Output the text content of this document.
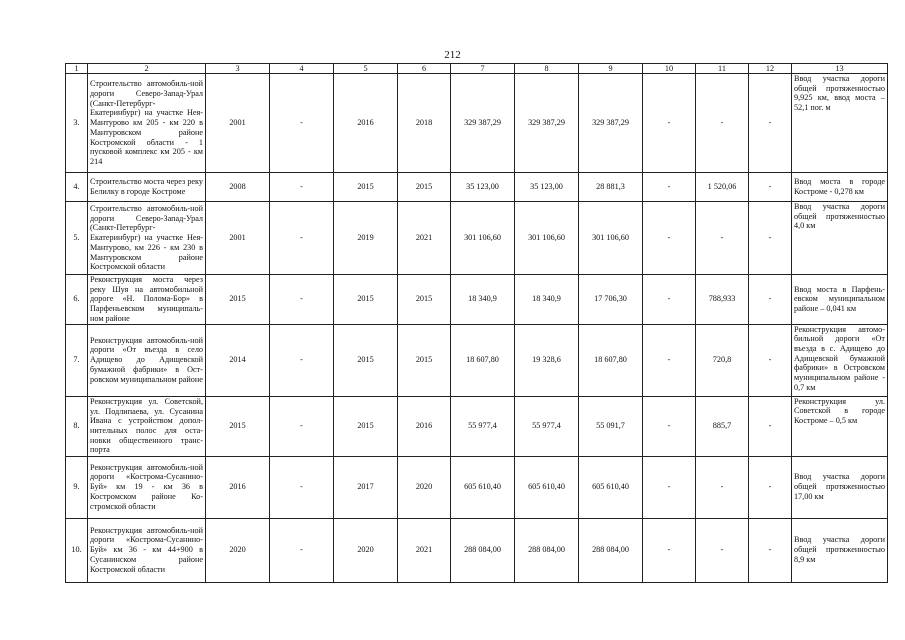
212
1	2	3	4	5	6	7	8	9	10	11	12	13
3.	Строительство автомобиль-ной дороги Северо-Запад-Урал (Санкт-Петербург-Екатеринбург) на участке Нея-Мантурово км 205 - км 220 в Мантуровском районе Костромской области - 1 пусковой комплекс км 205 - км 214	2001	-	2016	2018	329 387,29	329 387,29	329 387,29	-	-	-	Ввод участка дороги общей протяженностью 9,925 км, ввод моста – 52,1 пог. м
4.	Строительство моста через реку Белилку в городе Костроме	2008	-	2015	2015	35 123,00	35 123,00	28 881,3	-	1 520,06	-	Ввод моста в городе Костроме - 0,278 км
5.	Строительство автомобиль-ной дороги Северо-Запад-Урал (Санкт-Петербург-Екатеринбург) на участке Нея-Мантурово, км 226 - км 230 в Мантуровском районе Костромской области	2001	-	2019	2021	301 106,60	301 106,60	301 106,60	-	-	-	Ввод участка дороги общей протяженностью 4,0 км
6.	Реконструкция моста через реку Шуя на автомобильной дороге «Н. Полома-Бор» в Парфеньевском муниципаль-ном районе	2015	-	2015	2015	18 340,9	18 340,9	17 706,30	-	788,933	-	Ввод моста в Парфень-евском муниципальном районе – 0,041 км
7.	Реконструкция автомобиль-ной дороги «От въезда в село Адищево до Адищевской бумажной фабрики» в Ост-ровском муниципальном районе	2014	-	2015	2015	18 607,80	19 328,6	18 607,80	-	720,8	-	Реконструкция автомо-бильной дороги «От въезда в с. Адищево до Адищевской бумажной фабрики» в Островском муниципальном районе - 0,7 км
8.	Реконструкция ул. Советской, ул. Подлипаева, ул. Сусанина Ивана с устройством допол-нительных полос для оста-новки общественного транс-порта	2015	-	2015	2016	55 977,4	55 977,4	55 091,7	-	885,7	-	Реконструкция ул. Советской в городе Костроме – 0,5 км
9.	Реконструкция автомобиль-ной дороги «Кострома-Сусанино-Буй» км 19 - км 36 в Костромском районе Ко-стромской области	2016	-	2017	2020	605 610,40	605 610,40	605 610,40	-	-	-	Ввод участка дороги общей протяженностью 17,00 км
10.	Реконструкция автомобиль-ной дороги «Кострома-Сусанино-Буй» км 36 - км 44+900 в Сусанинском районе Костромской области	2020	-	2020	2021	288 084,00	288 084,00	288 084,00	-	-	-	Ввод участка дороги общей протяженностью 8,9 км
